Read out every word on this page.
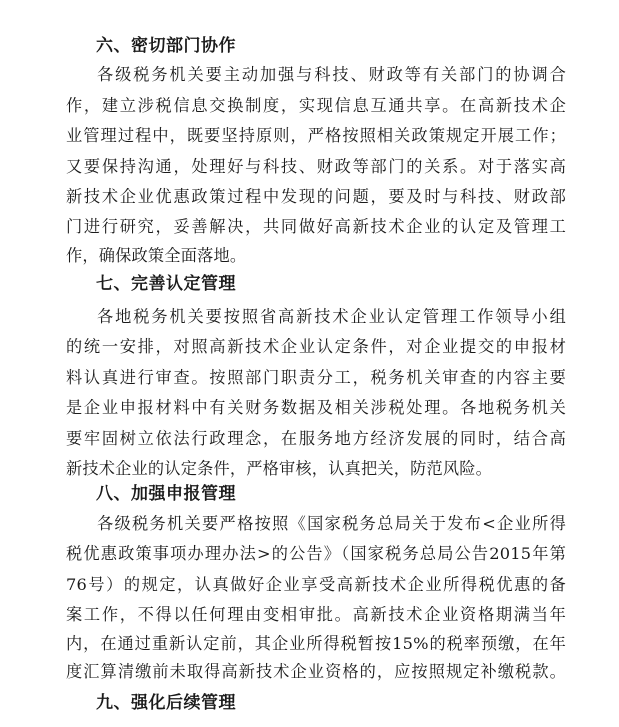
六、密切部门协作
各级税务机关要主动加强与科技、财政等有关部门的协调合
作，建立涉税信息交换制度，实现信息互通共享。在高新技术企
业管理过程中，既要坚持原则，严格按照相关政策规定开展工作；
又要保持沟通，处理好与科技、财政等部门的关系。对于落实高
新技术企业优惠政策过程中发现的问题，要及时与科技、财政部
门进行研究，妥善解决，共同做好高新技术企业的认定及管理工
作，确保政策全面落地。
七、完善认定管理
各地税务机关要按照省高新技术企业认定管理工作领导小组
的统一安排，对照高新技术企业认定条件，对企业提交的申报材
料认真进行审查。按照部门职责分工，税务机关审查的内容主要
是企业申报材料中有关财务数据及相关涉税处理。各地税务机关
要牢固树立依法行政理念，在服务地方经济发展的同时，结合高
新技术企业的认定条件，严格审核，认真把关，防范风险。
八、加强申报管理
各级税务机关要严格按照《国家税务总局关于发布<企业所得
税优惠政策事项办理办法>的公告》（国家税务总局公告2015年第
76号）的规定，认真做好企业享受高新技术企业所得税优惠的备
案工作，不得以任何理由变相审批。高新技术企业资格期满当年
内，在通过重新认定前，其企业所得税暂按15%的税率预缴，在年
度汇算清缴前未取得高新技术企业资格的，应按照规定补缴税款。
九、强化后续管理
